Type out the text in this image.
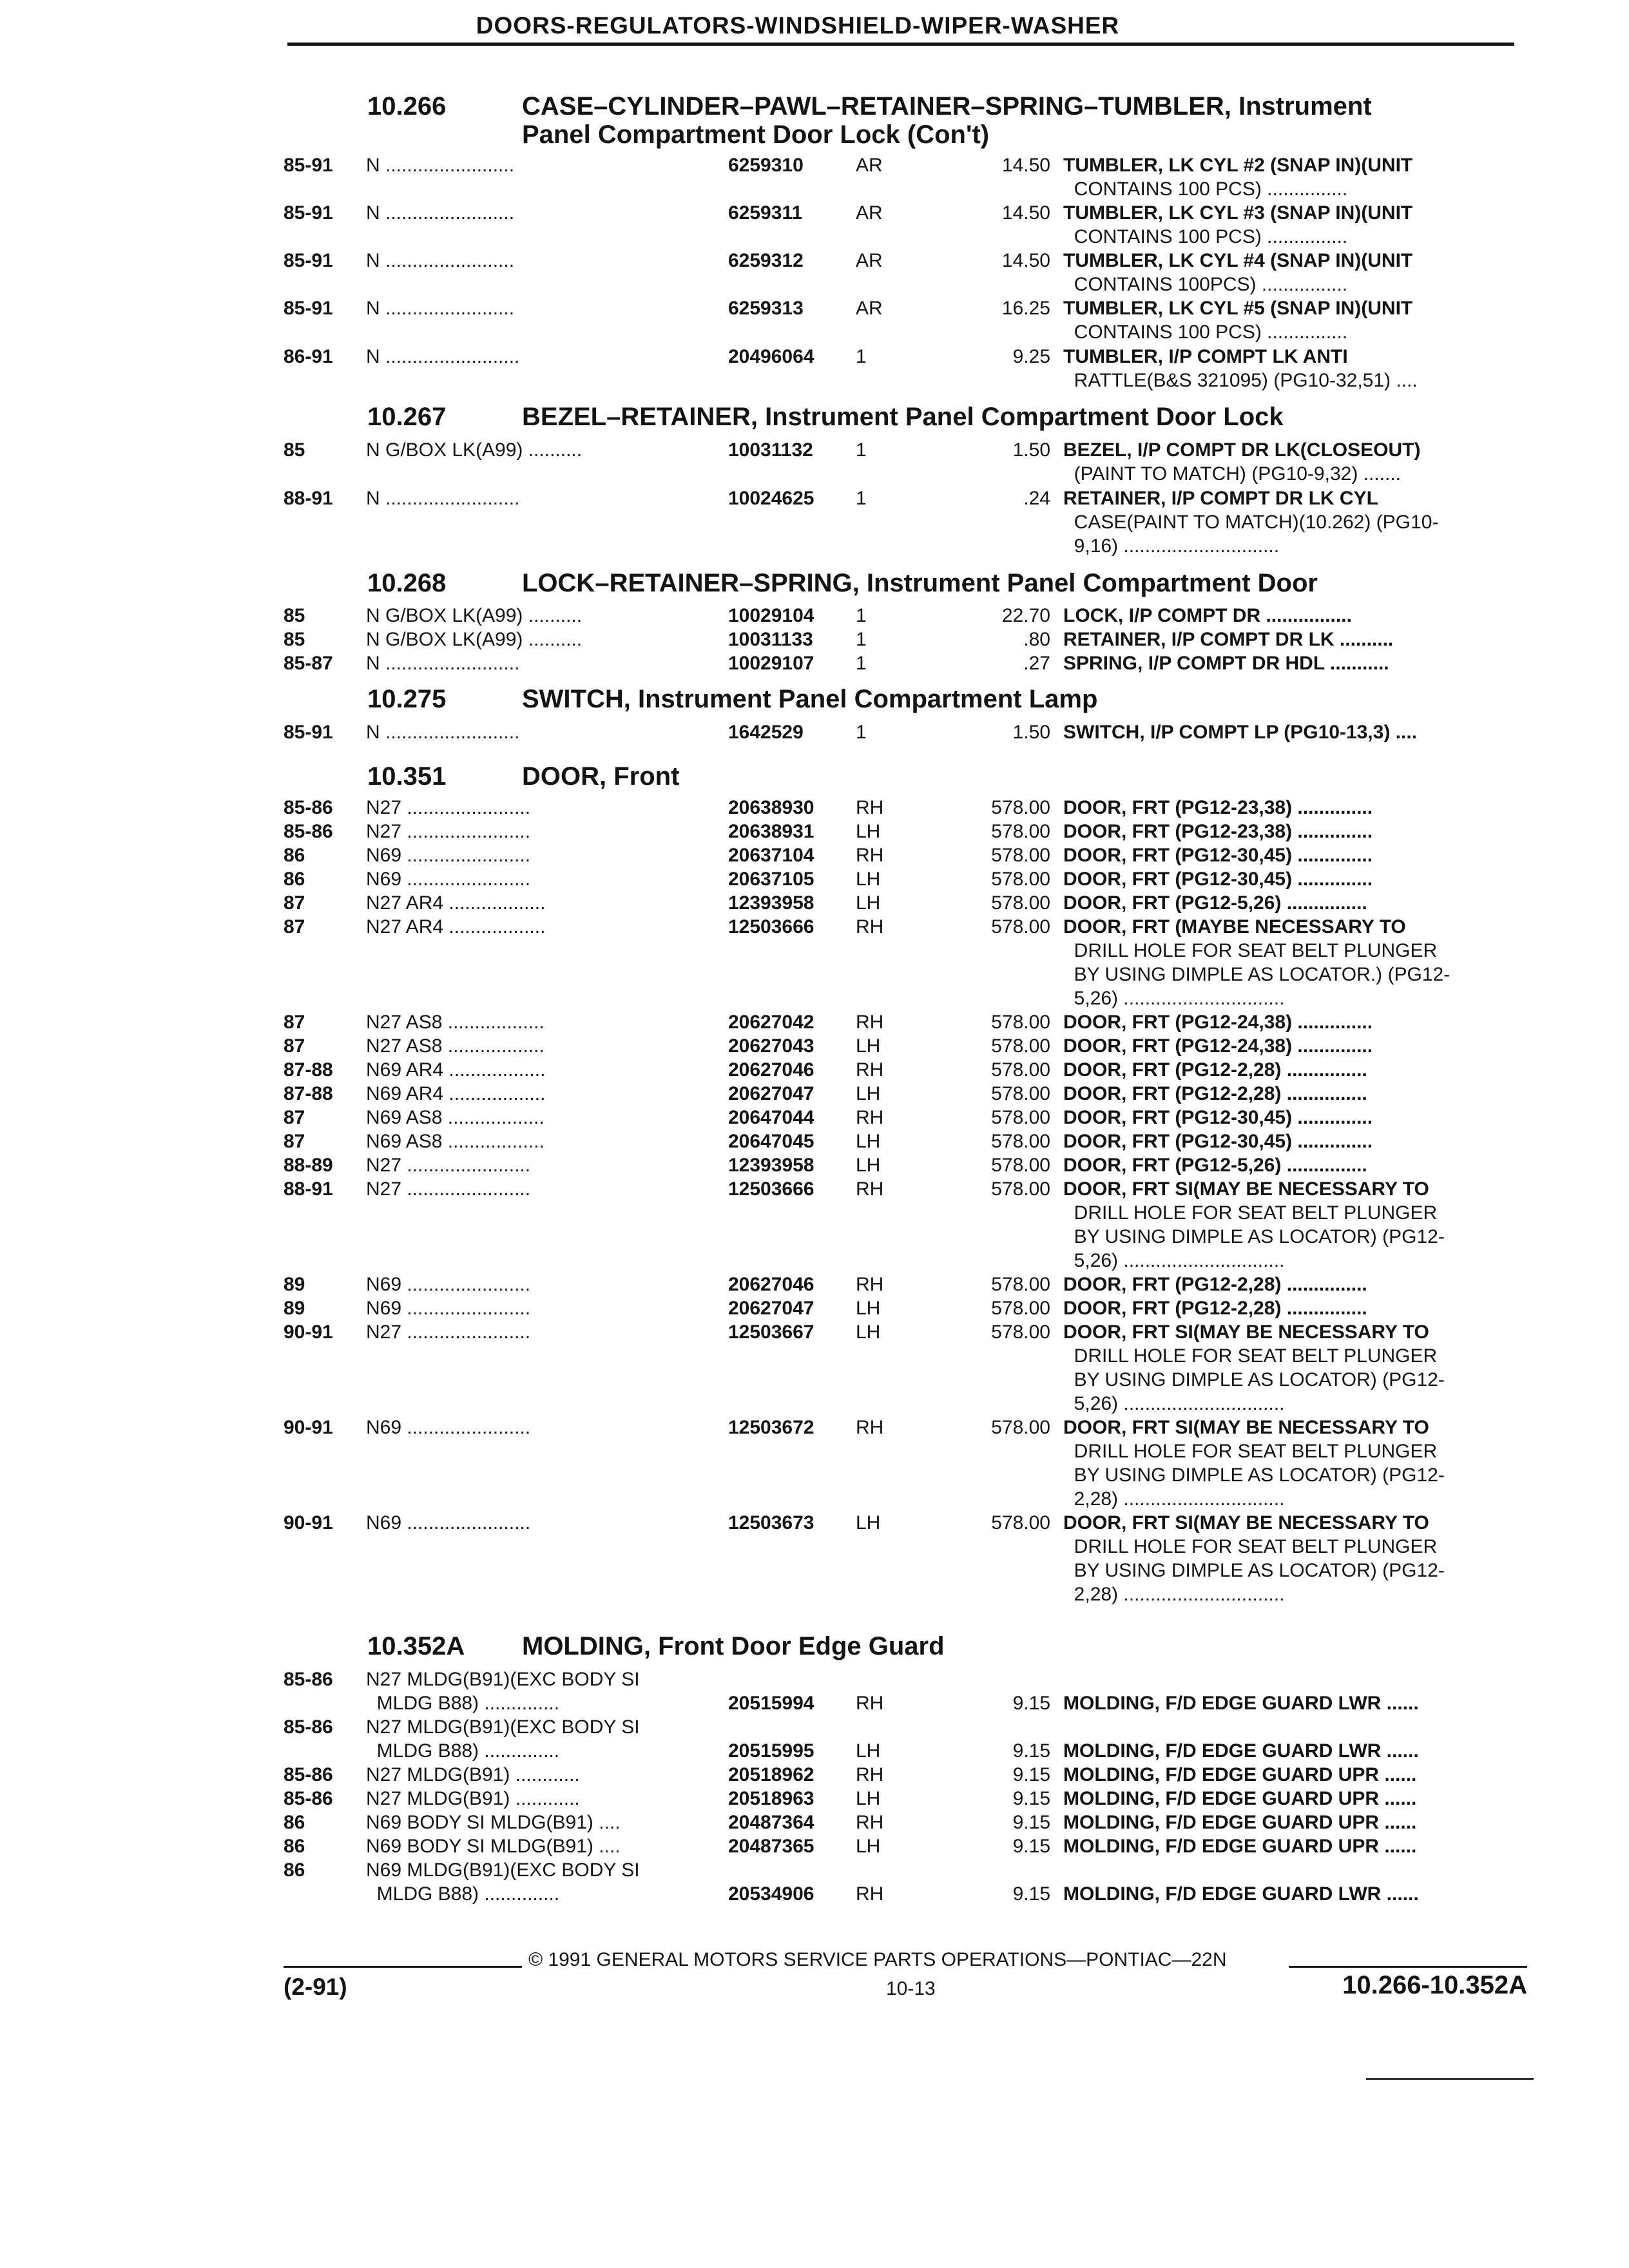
DOORS-REGULATORS-WINDSHIELD-WIPER-WASHER
10.266	CASE–CYLINDER–PAWL–RETAINER–SPRING–TUMBLER, Instrument
Panel Compartment Door Lock (Con't)
10.267	BEZEL–RETAINER, Instrument Panel Compartment Door Lock
10.268	LOCK–RETAINER–SPRING, Instrument Panel Compartment Door
10.275	SWITCH, Instrument Panel Compartment Lamp
10.351	DOOR, Front
10.352A MOLDING, Front Door Edge Guard
© 1991 GENERAL MOTORS SERVICE PARTS OPERATIONS—PONTIAC—22N
(2-91)	10-13	10.266-10.352A
85-91 N ........................	6259310	AR	14.50 TUMBLER, LK CYL #2 (SNAP IN)(UNIT
CONTAINS 100 PCS) ...............
85-91 N ........................	6259311	AR	14.50 TUMBLER, LK CYL #3 (SNAP IN)(UNIT
CONTAINS 100 PCS) ...............
85-91 N ........................	6259312	AR	14.50 TUMBLER, LK CYL #4 (SNAP IN)(UNIT
CONTAINS 100PCS) ................
85-91 N ........................	6259313	AR	16.25 TUMBLER, LK CYL #5 (SNAP IN)(UNIT
CONTAINS 100 PCS) ...............
86-91 N .........................	20496064 1	9.25 TUMBLER, I/P COMPT LK ANTI
RATTLE(B&S 321095) (PG10-32,51) ....
85	N G/BOX LK(A99) ..........	10031132 1	1.50 BEZEL, I/P COMPT DR LK(CLOSEOUT)
(PAINT TO MATCH) (PG10-9,32) .......
88-91 N .........................	10024625 1	.24 RETAINER, I/P COMPT DR LK CYL
CASE(PAINT TO MATCH)(10.262) (PG10-
9,16) .............................
85	N G/BOX LK(A99) ..........	10029104 1	22.70 LOCK, I/P COMPT DR ................
85	N G/BOX LK(A99) ..........	10031133 1	.80 RETAINER, I/P COMPT DR LK ..........
85-87 N .........................	10029107 1	.27 SPRING, I/P COMPT DR HDL ...........
85-91 N .........................	1642529	1	1.50 SWITCH, I/P COMPT LP (PG10-13,3) ....
85-86 N27 .......................	20638930 RH	578.00 DOOR, FRT (PG12-23,38) ..............
85-86 N27 .......................	20638931 LH	578.00 DOOR, FRT (PG12-23,38) ..............
86	N69 .......................	20637104 RH	578.00 DOOR, FRT (PG12-30,45) ..............
86	N69 .......................	20637105 LH	578.00 DOOR, FRT (PG12-30,45) ..............
87	N27 AR4 ..................	12393958 LH	578.00 DOOR, FRT (PG12-5,26) ...............
87	N27 AR4 ..................	12503666 RH	578.00 DOOR, FRT (MAYBE NECESSARY TO
DRILL HOLE FOR SEAT BELT PLUNGER
BY USING DIMPLE AS LOCATOR.) (PG12-
5,26) ..............................
87	N27 AS8 ..................	20627042 RH	578.00 DOOR, FRT (PG12-24,38) ..............
87	N27 AS8 ..................	20627043 LH	578.00 DOOR, FRT (PG12-24,38) ..............
87-88 N69 AR4 ..................	20627046 RH	578.00 DOOR, FRT (PG12-2,28) ...............
87-88 N69 AR4 ..................	20627047 LH	578.00 DOOR, FRT (PG12-2,28) ...............
87	N69 AS8 ..................	20647044 RH	578.00 DOOR, FRT (PG12-30,45) ..............
87	N69 AS8 ..................	20647045 LH	578.00 DOOR, FRT (PG12-30,45) ..............
88-89 N27 .......................	12393958 LH	578.00 DOOR, FRT (PG12-5,26) ...............
88-91 N27 .......................	12503666 RH	578.00 DOOR, FRT SI(MAY BE NECESSARY TO
DRILL HOLE FOR SEAT BELT PLUNGER
BY USING DIMPLE AS LOCATOR) (PG12-
5,26) ..............................
89	N69 .......................	20627046 RH	578.00 DOOR, FRT (PG12-2,28) ...............
89	N69 .......................	20627047 LH	578.00 DOOR, FRT (PG12-2,28) ...............
90-91 N27 .......................	12503667 LH	578.00 DOOR, FRT SI(MAY BE NECESSARY TO
DRILL HOLE FOR SEAT BELT PLUNGER
BY USING DIMPLE AS LOCATOR) (PG12-
5,26) ..............................
90-91 N69 .......................	12503672 RH	578.00 DOOR, FRT SI(MAY BE NECESSARY TO
DRILL HOLE FOR SEAT BELT PLUNGER
BY USING DIMPLE AS LOCATOR) (PG12-
2,28) ..............................
90-91 N69 .......................	12503673 LH	578.00 DOOR, FRT SI(MAY BE NECESSARY TO
DRILL HOLE FOR SEAT BELT PLUNGER
BY USING DIMPLE AS LOCATOR) (PG12-
2,28) ..............................
85-86 N27 MLDG(B91)(EXC BODY SI
20515994 RH	9.15 MOLDING, F/D EDGE GUARD LWR ......
MLDG B88) ..............
85-86 N27 MLDG(B91)(EXC BODY SI
20515995 LH	9.15 MOLDING, F/D EDGE GUARD LWR ......
MLDG B88) ..............
85-86 N27 MLDG(B91) ............	20518962 RH	9.15 MOLDING, F/D EDGE GUARD UPR ......
85-86 N27 MLDG(B91) ............	20518963 LH	9.15 MOLDING, F/D EDGE GUARD UPR ......
86	N69 BODY SI MLDG(B91) ....	20487364 RH	9.15 MOLDING, F/D EDGE GUARD UPR ......
86	N69 BODY SI MLDG(B91) ....	20487365 LH	9.15 MOLDING, F/D EDGE GUARD UPR ......
86	N69 MLDG(B91)(EXC BODY SI
20534906 RH	9.15 MOLDING, F/D EDGE GUARD LWR ......
MLDG B88) ..............
